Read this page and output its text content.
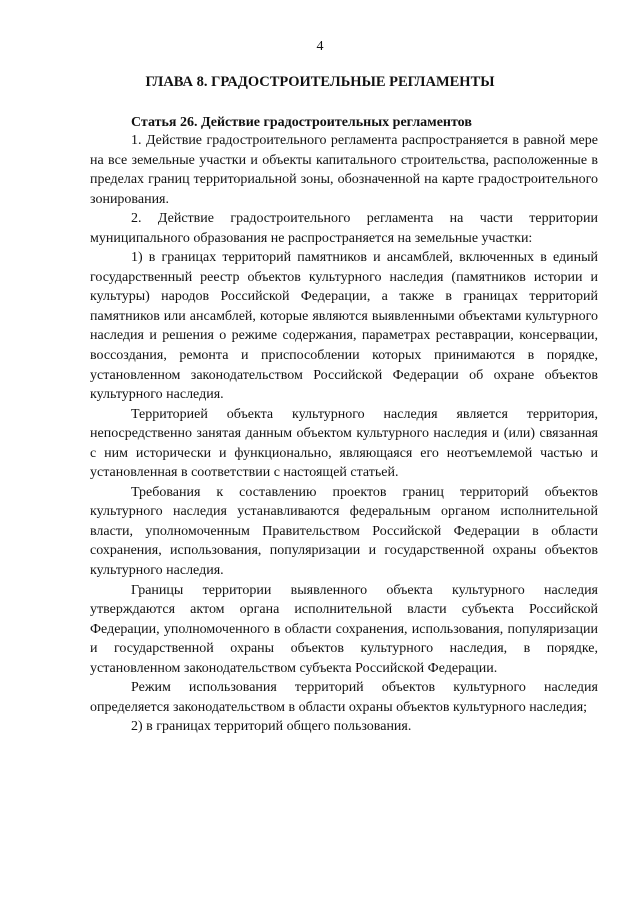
4
ГЛАВА 8. ГРАДОСТРОИТЕЛЬНЫЕ РЕГЛАМЕНТЫ
Статья 26. Действие градостроительных регламентов

1. Действие градостроительного регламента распространяется в равной мере на все земельные участки и объекты капитального строительства, расположенные в пределах границ территориальной зоны, обозначенной на карте градостроительного зонирования.

2. Действие градостроительного регламента на части территории муниципального образования не распространяется на земельные участки:

1) в границах территорий памятников и ансамблей, включенных в единый государственный реестр объектов культурного наследия (памятников истории и культуры) народов Российской Федерации, а также в границах территорий памятников или ансамблей, которые являются выявленными объектами культурного наследия и решения о режиме содержания, параметрах реставрации, консервации, воссоздания, ремонта и приспособлении которых принимаются в порядке, установленном законодательством Российской Федерации об охране объектов культурного наследия.

Территорией объекта культурного наследия является территория, непосредственно занятая данным объектом культурного наследия и (или) связанная с ним исторически и функционально, являющаяся его неотъемлемой частью и установленная в соответствии с настоящей статьей.

Требования к составлению проектов границ территорий объектов культурного наследия устанавливаются федеральным органом исполнительной власти, уполномоченным Правительством Российской Федерации в области сохранения, использования, популяризации и государственной охраны объектов культурного наследия.

Границы территории выявленного объекта культурного наследия утверждаются актом органа исполнительной власти субъекта Российской Федерации, уполномоченного в области сохранения, использования, популяризации и государственной охраны объектов культурного наследия, в порядке, установленном законодательством субъекта Российской Федерации.

Режим использования территорий объектов культурного наследия определяется законодательством в области охраны объектов культурного наследия;

2) в границах территорий общего пользования.
